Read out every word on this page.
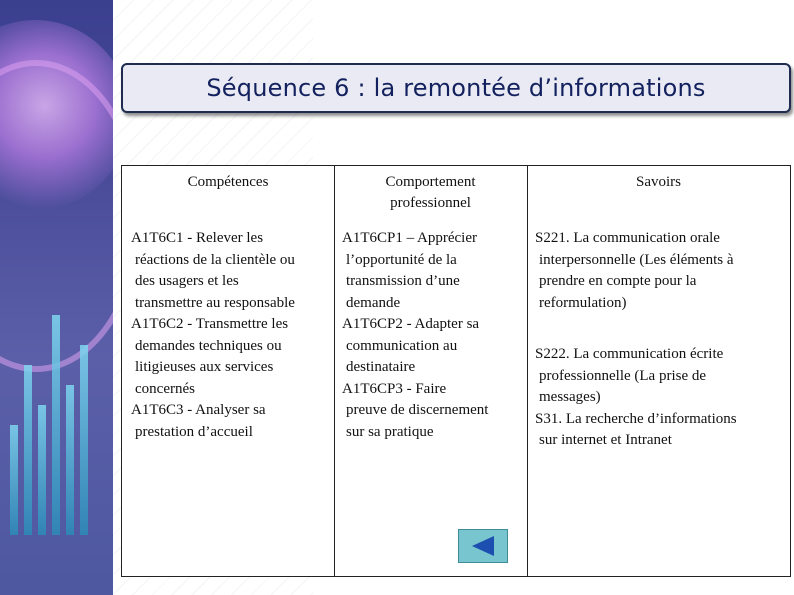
Séquence 6 : la remontée d’informations
Compétences	Comportement
professionnel
Savoirs
A1T6C1 - Relever les
réactions de la clientèle ou
des usagers et les
transmettre au responsable
A1T6C2 - Transmettre les
demandes techniques ou
litigieuses aux services
concernés
A1T6C3 - Analyser sa
prestation d’accueil
A1T6CP1 – Apprécier
l’opportunité de la
transmission d’une
demande
A1T6CP2 - Adapter sa
communication au
destinataire
A1T6CP3 - Faire
preuve de discernement
sur sa pratique
S221. La communication orale
interpersonnelle (Les éléments à
prendre en compte pour la
reformulation)
S222. La communication écrite
professionnelle (La prise de
messages)
S31. La recherche d’informations
sur internet et Intranet
